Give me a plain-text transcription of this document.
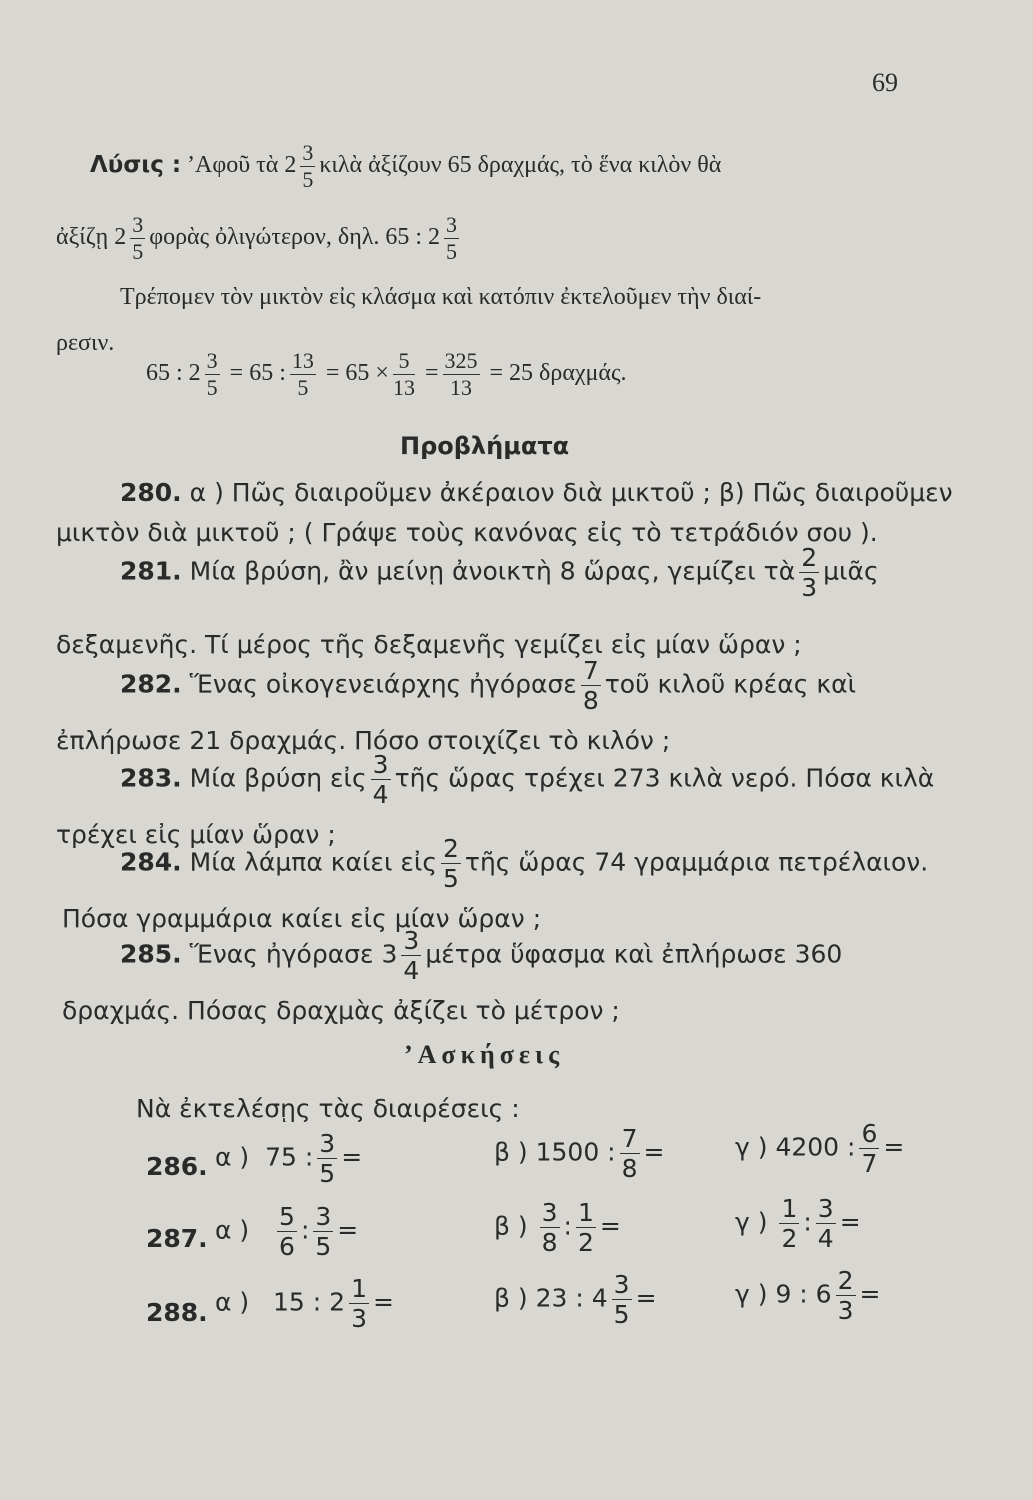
69
Λύσις : ’Αφοῦ τὰ $2 \frac{3}{5}$ κιλὰ ἀξίζουν 65 δραχμάς, τὸ ἕνα κιλὸν θὰ
ἀξίζῃ $2 \frac{3}{5}$ φορὰς ὀλιγώτερον, δηλ. 65 : $2 \frac{3}{5}$
Τρέπομεν τὸν μικτὸν εἰς κλάσμα καὶ κατόπιν ἐκτελοῦμεν τὴν διαί-
ρεσιν.
65 : $2 \frac{3}{5} = 65$ : $\frac{13}{5} = 65 \times \frac{5}{13} = \frac{325}{13} = 25$ δραχμάς.
Προβλήματα
280. α ) Πῶς διαιροῦμεν ἀκέραιον διὰ μικτοῦ ; β) Πῶς διαιροῦμεν
μικτὸν διὰ μικτοῦ ; ( Γράψε τοὺς κανόνας εἰς τὸ τετράδιόν σου ).
281. Μία βρύση, ἂν μείνῃ ἀνοικτὴ 8 ὥρας, γεμίζει τὰ $\frac{2}{3}$ μιᾶς
δεξαμενῆς. Τί μέρος τῆς δεξαμενῆς γεμίζει εἰς μίαν ὥραν ;
282. Ἕνας οἰκογενειάρχης ἠγόρασε $\frac{7}{8}$ τοῦ κιλοῦ κρέας καὶ
ἐπλήρωσε 21 δραχμάς. Πόσο στοιχίζει τὸ κιλόν ;
283. Μία βρύση εἰς $\frac{3}{4}$ τῆς ὥρας τρέχει 273 κιλὰ νερό. Πόσα κιλὰ
τρέχει εἰς μίαν ὥραν ;
284. Μία λάμπα καίει εἰς $\frac{2}{5}$ τῆς ὥρας 74 γραμμάρια πετρέλαιον.
Πόσα γραμμάρια καίει εἰς μίαν ὥραν ;
285. Ἕνας ἠγόρασε $3 \frac{3}{4}$ μέτρα ὕφασμα καὶ ἐπλήρωσε 360
δραχμάς. Πόσας δραχμὰς ἀξίζει τὸ μέτρον ;
’Ασκήσεις
Νὰ ἐκτελέσῃς τὰς διαιρέσεις :
286. α ) 75 : $\frac{3}{5}$ =	β ) 1500 : $\frac{7}{8}$ =	γ ) 4200 : $\frac{6}{7}$ =
287. α ) $\frac{5}{6}$ : $\frac{3}{5}$ =	β ) $\frac{3}{8}$ : $\frac{1}{2}$ =	γ ) $\frac{1}{2}$ : $\frac{3}{4}$ =
288. α ) 15 : $2 \frac{1}{3}$ =	β ) 23 : $4 \frac{3}{5}$ =	γ ) 9 : $6 \frac{2}{3}$ =
